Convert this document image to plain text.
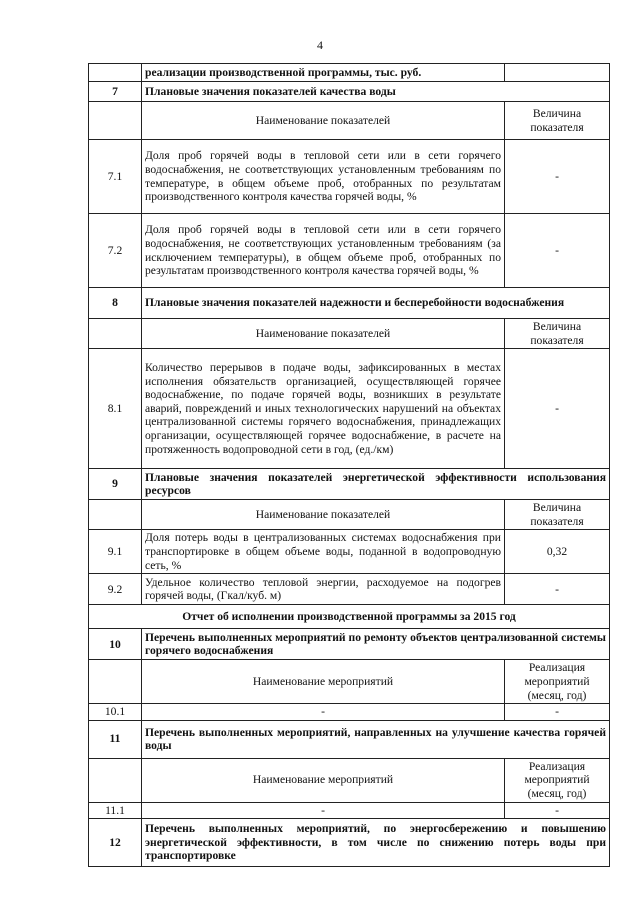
4
	реализации производственной программы, тыс. руб.	
7	Плановые значения показателей качества воды	
	Наименование показателей	Величина показателя
7.1	Доля проб горячей воды в тепловой сети или в сети горячего водоснабжения, не соответствующих установленным требованиям по температуре, в общем объеме проб, отобранных по результатам производственного контроля качества горячей воды, %	-
7.2	Доля проб горячей воды в тепловой сети или в сети горячего водоснабжения, не соответствующих установленным требованиям (за исключением температуры), в общем объеме проб, отобранных по результатам производственного контроля качества горячей воды, %	-
8	Плановые значения показателей надежности и бесперебойности водоснабжения	
	Наименование показателей	Величина показателя
8.1	Количество перерывов в подаче воды, зафиксированных в местах исполнения обязательств организацией, осуществляющей горячее водоснабжение, по подаче горячей воды, возникших в результате аварий, повреждений и иных технологических нарушений на объектах централизованной системы горячего водоснабжения, принадлежащих организации, осуществляющей горячее водоснабжение, в расчете на протяженность водопроводной сети в год, (ед./км)	-
9	Плановые значения показателей энергетической эффективности использования ресурсов	
	Наименование показателей	Величина показателя
9.1	Доля потерь воды в централизованных системах водоснабжения при транспортировке в общем объеме воды, поданной в водопроводную сеть, %	0,32
9.2	Удельное количество тепловой энергии, расходуемое на подогрев горячей воды, (Гкал/куб. м)	-
Отчет об исполнении производственной программы за 2015 год		
10	Перечень выполненных мероприятий по ремонту объектов централизованной системы горячего водоснабжения	
	Наименование мероприятий	Реализация мероприятий (месяц, год)
10.1	-	-
11	Перечень выполненных мероприятий, направленных на улучшение качества горячей воды	
	Наименование мероприятий	Реализация мероприятий (месяц, год)
11.1	-	-
12	Перечень выполненных мероприятий, по энергосбережению и повышению энергетической эффективности, в том числе по снижению потерь воды при транспортировке	
